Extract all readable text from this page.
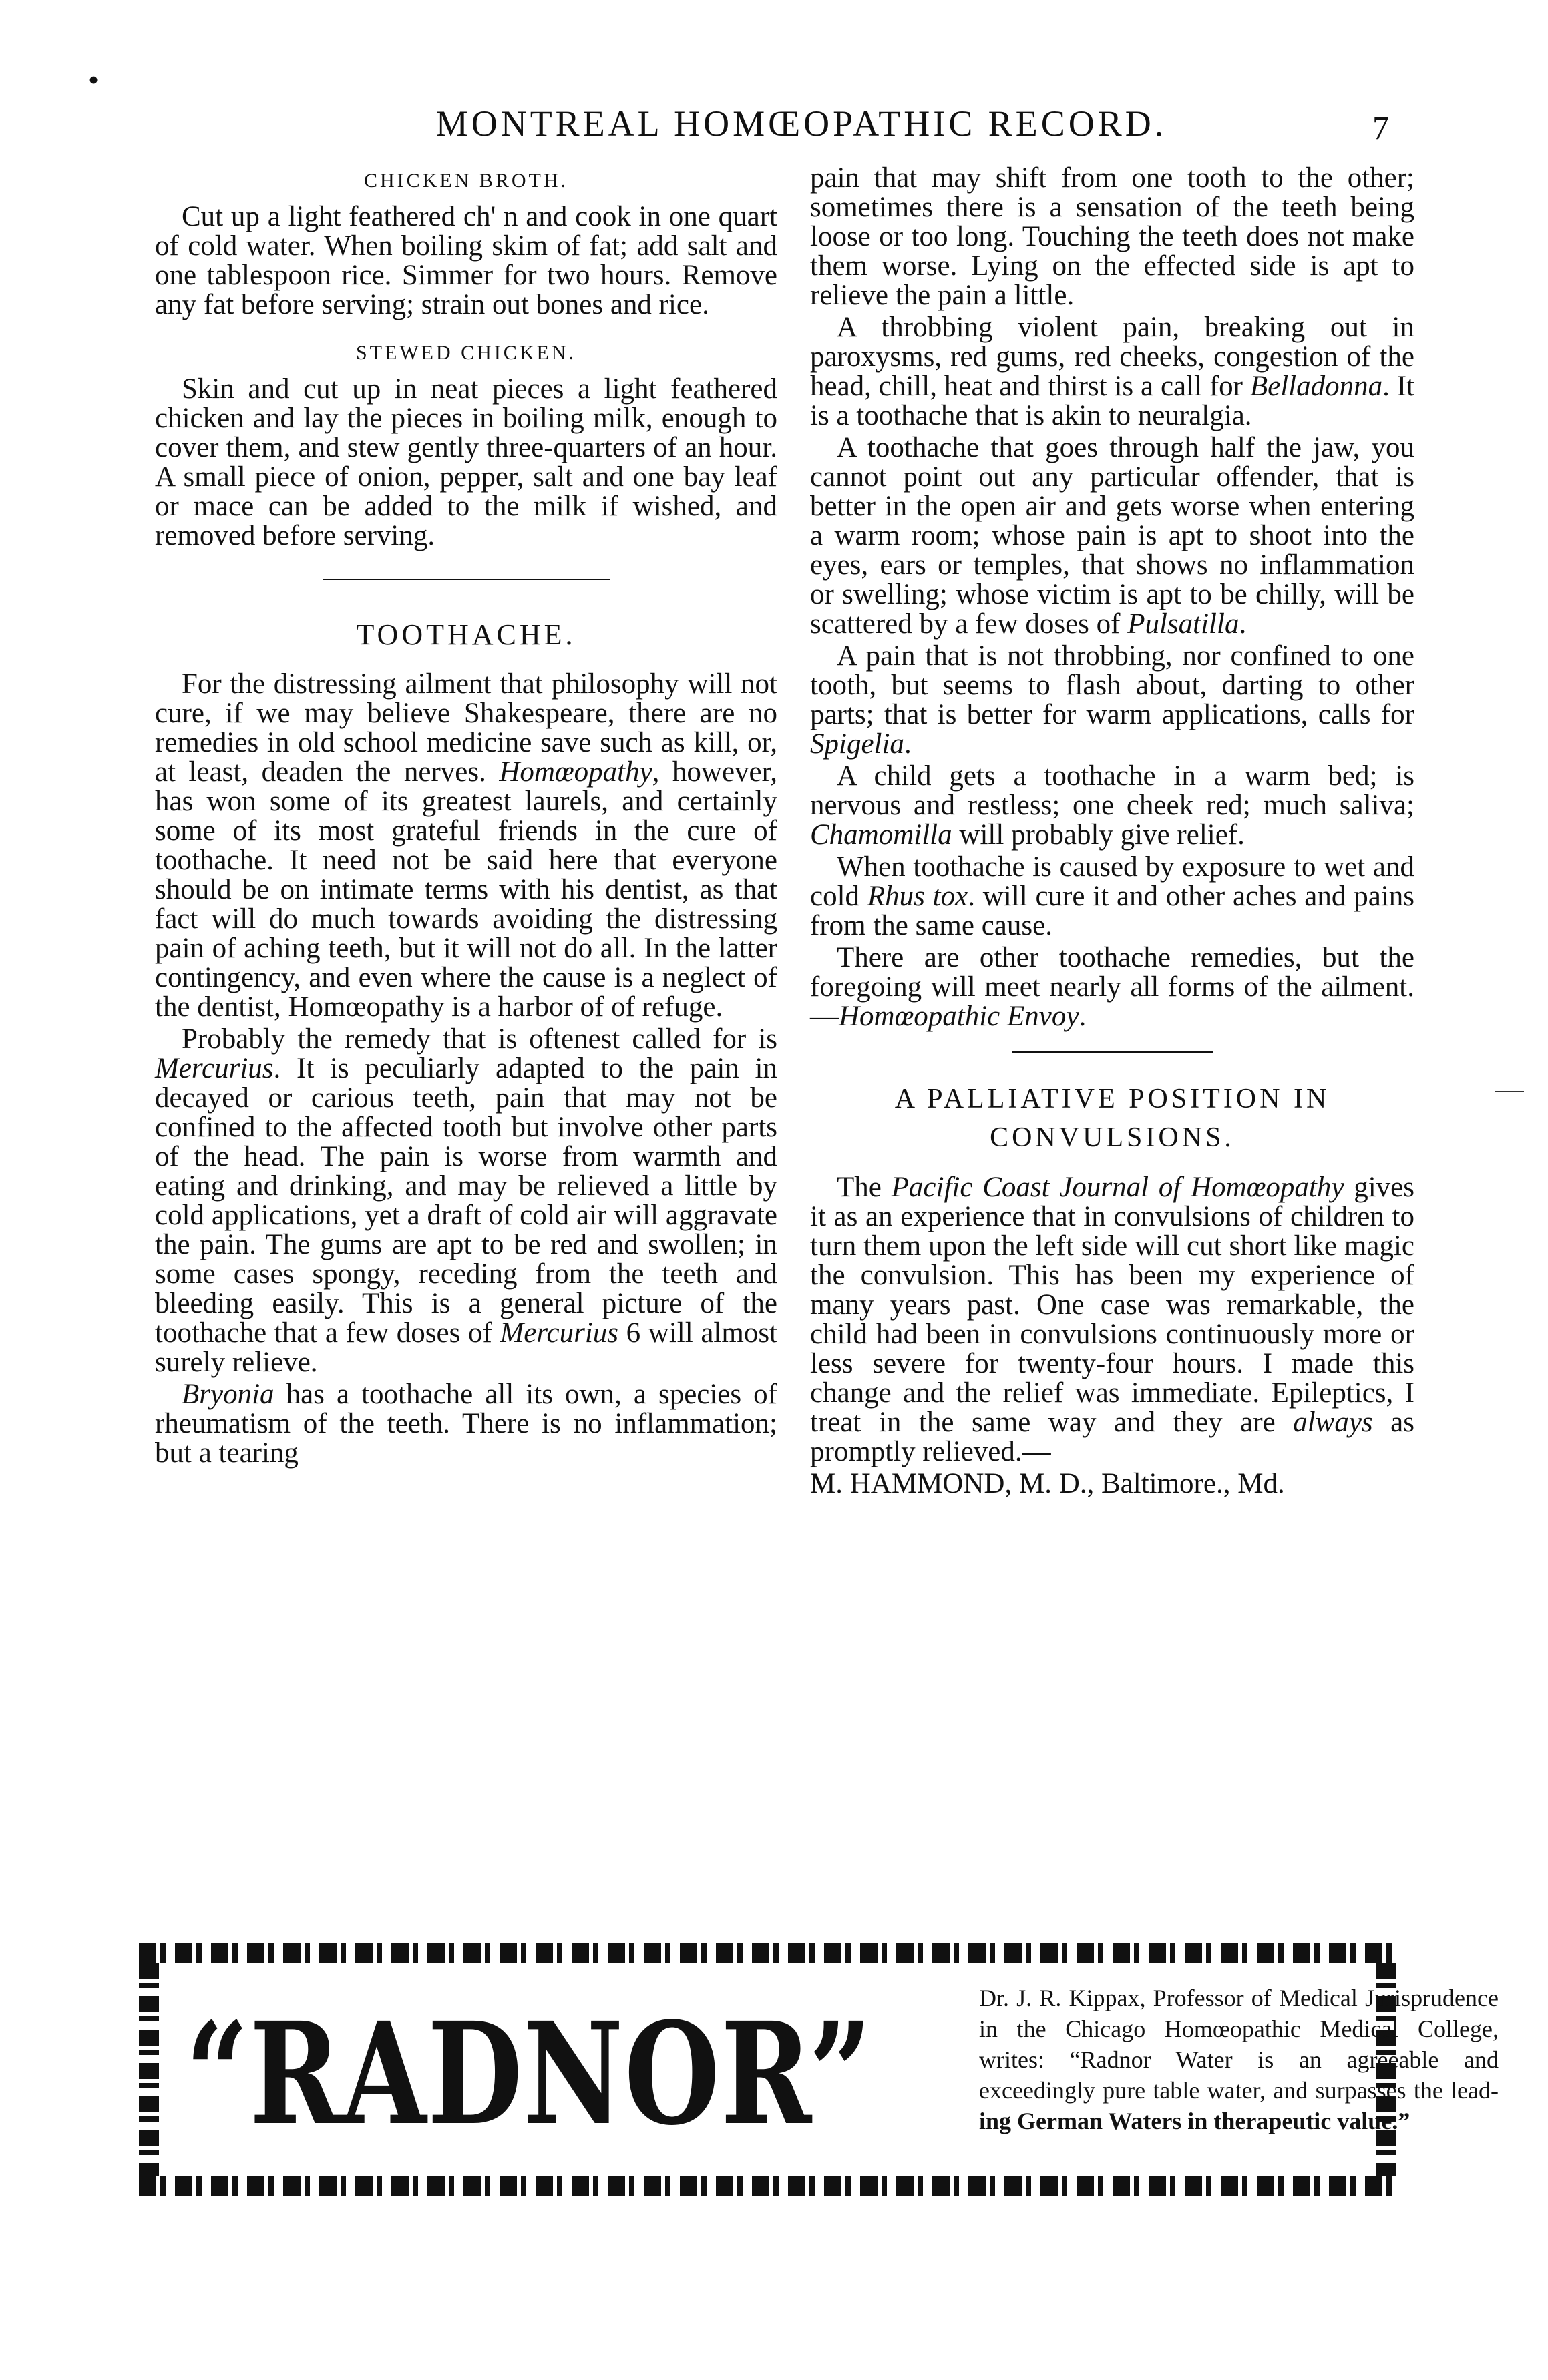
•
MONTREAL HOMŒOPATHIC RECORD.	7
CHICKEN BROTH.

Cut up a light feathered ch' n and cook in one quart of cold water. When boiling skim of fat; add salt and one tablespoon rice. Simmer for two hours. Remove any fat before serving; strain out bones and rice.

STEWED CHICKEN.

Skin and cut up in neat pieces a light feathered chicken and lay the pieces in boiling milk, enough to cover them, and stew gently three-quarters of an hour. A small piece of onion, pepper, salt and one bay leaf or mace can be added to the milk if wished, and removed before serving.

TOOTHACHE.

For the distressing ailment that philosophy will not cure, if we may believe Shakespeare, there are no remedies in old school medicine save such as kill, or, at least, deaden the nerves. Homœopathy, however, has won some of its greatest laurels, and certainly some of its most grateful friends in the cure of toothache. It need not be said here that everyone should be on intimate terms with his dentist, as that fact will do much towards avoiding the distressing pain of aching teeth, but it will not do all. In the latter contingency, and even where the cause is a neglect of the dentist, Homœopathy is a harbor of of refuge.

Probably the remedy that is oftenest called for is Mercurius. It is peculiarly adapted to the pain in decayed or carious teeth, pain that may not be confined to the affected tooth but involve other parts of the head. The pain is worse from warmth and eating and drinking, and may be relieved a little by cold applications, yet a draft of cold air will aggravate the pain. The gums are apt to be red and swollen; in some cases spongy, receding from the teeth and bleeding easily. This is a general picture of the toothache that a few doses of Mercurius 6 will almost surely relieve.

Bryonia has a toothache all its own, a species of rheumatism of the teeth. There is no inflammation; but a tearing

pain that may shift from one tooth to the other; sometimes there is a sensation of the teeth being loose or too long. Touching the teeth does not make them worse. Lying on the effected side is apt to relieve the pain a little.

A throbbing violent pain, breaking out in paroxysms, red gums, red cheeks, congestion of the head, chill, heat and thirst is a call for Belladonna. It is a toothache that is akin to neuralgia.

A toothache that goes through half the jaw, you cannot point out any particular offender, that is better in the open air and gets worse when entering a warm room; whose pain is apt to shoot into the eyes, ears or temples, that shows no inflammation or swelling; whose victim is apt to be chilly, will be scattered by a few doses of Pulsatilla.

A pain that is not throbbing, nor confined to one tooth, but seems to flash about, darting to other parts; that is better for warm applications, calls for Spigelia.

A child gets a toothache in a warm bed; is nervous and restless; one cheek red; much saliva; Chamomilla will probably give relief.

When toothache is caused by exposure to wet and cold Rhus tox. will cure it and other aches and pains from the same cause.

There are other toothache remedies, but the foregoing will meet nearly all forms of the ailment.—Homœopathic Envoy.

A PALLIATIVE POSITION IN CONVULSIONS.

The Pacific Coast Journal of Homœopathy gives it as an experience that in convulsions of children to turn them upon the left side will cut short like magic the convulsion. This has been my experience of many years past. One case was remarkable, the child had been in convulsions continuously more or less severe for twenty-four hours. I made this change and the relief was immediate. Epileptics, I treat in the same way and they are always as promptly relieved.—

M. HAMMOND, M. D., Baltimore., Md.

“RADNOR”	Dr. J. R. Kippax, Professor of Medical Jurisprudence in the Chicago Homœopathic Medical College, writes: “Radnor Water is an agreeable and exceedingly pure table water, and surpasses the lead- ing German Waters in therapeutic value.”
